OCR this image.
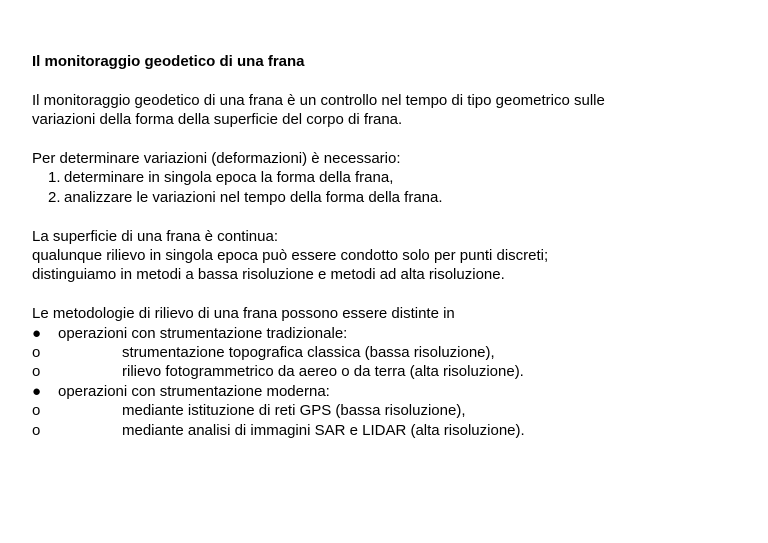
Il monitoraggio geodetico di una frana

Il monitoraggio geodetico di una frana è un controllo nel tempo di tipo geometrico sulle

variazioni della forma della superficie del corpo di frana.

Per determinare variazioni (deformazioni) è necessario:

1. determinare in singola epoca la forma della frana,
2. analizzare le variazioni nel tempo della forma della frana.

La superficie di una frana è continua:

qualunque rilievo in singola epoca può essere condotto solo per punti discreti;

distinguiamo in metodi a bassa risoluzione e metodi ad alta risoluzione.

Le metodologie di rilievo di una frana possono essere distinte in

●	operazioni con strumentazione tradizionale:
o	strumentazione topografica classica (bassa risoluzione),
o	rilievo fotogrammetrico da aereo o da terra (alta risoluzione).
●	operazioni con strumentazione moderna:
o	mediante istituzione di reti GPS (bassa risoluzione),
o	mediante analisi di immagini SAR e LIDAR (alta risoluzione).
